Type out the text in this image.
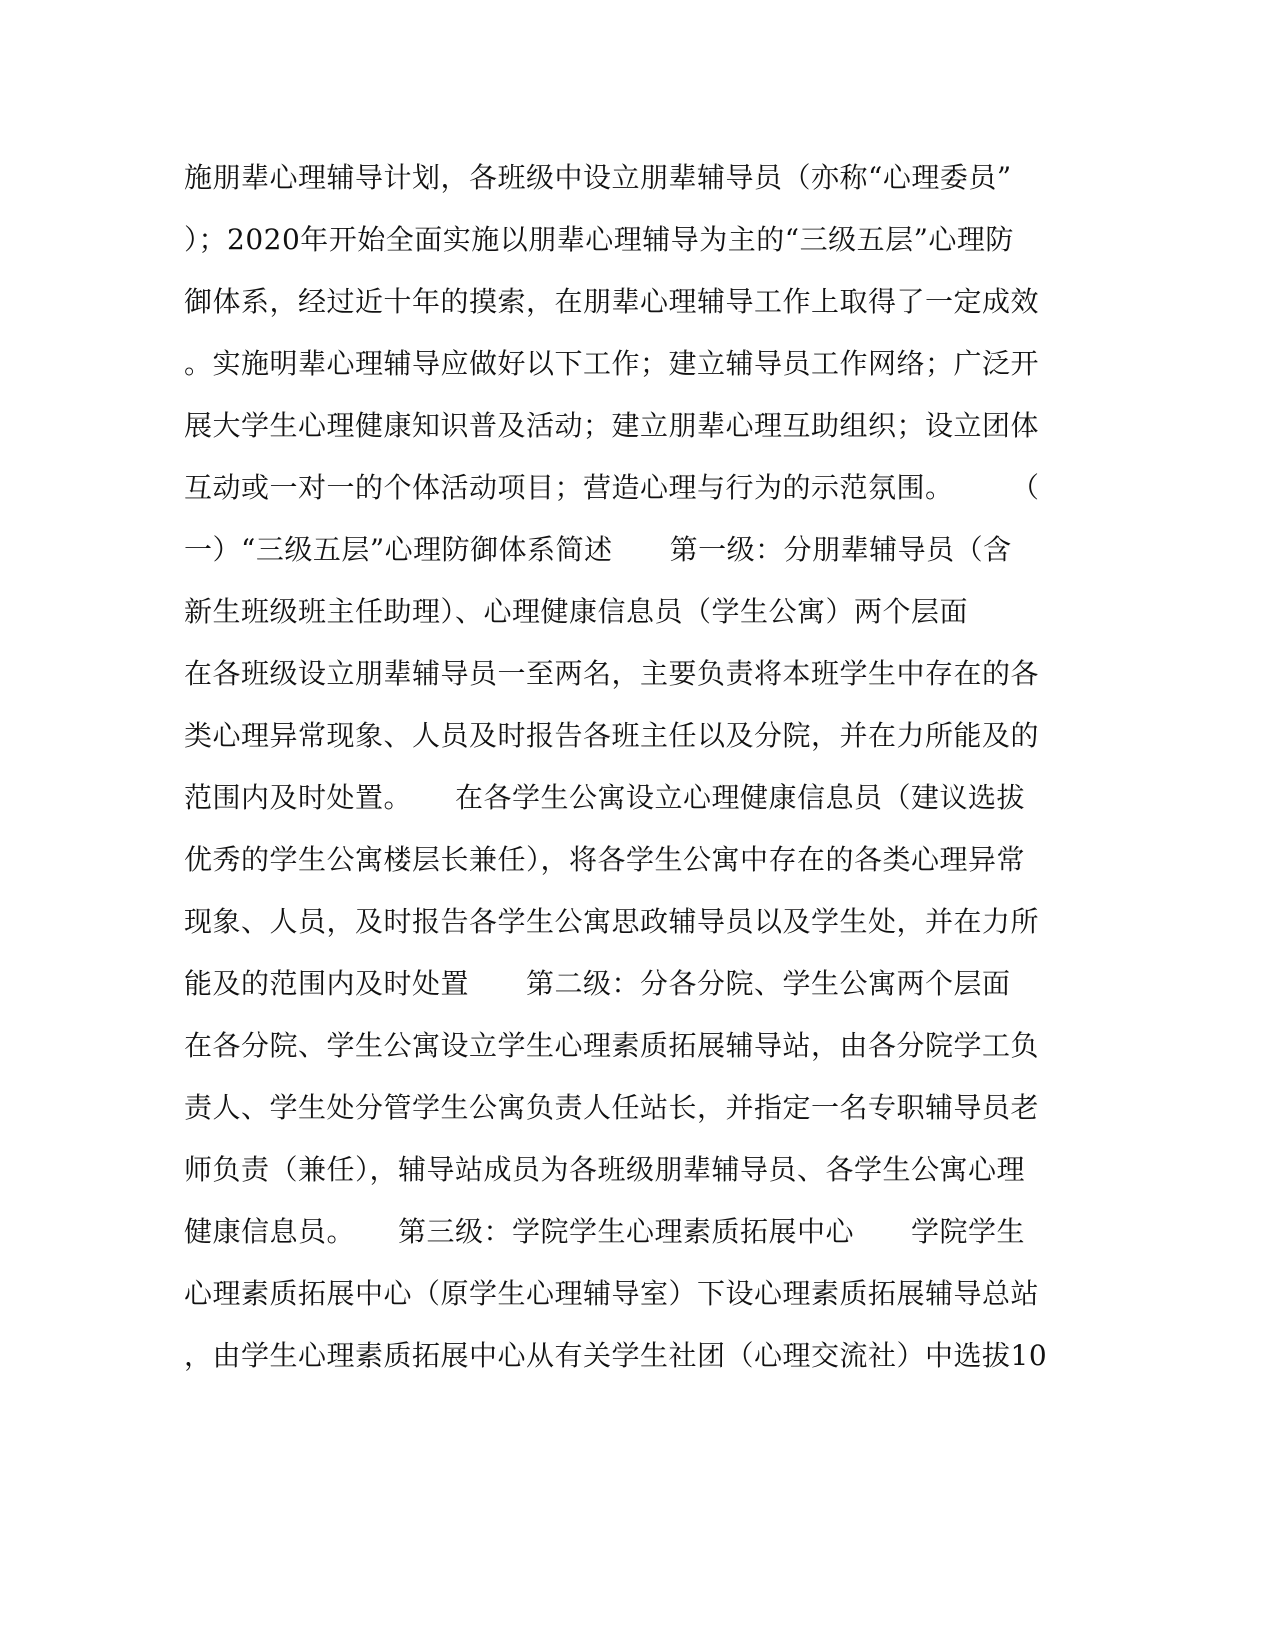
施朋辈心理辅导计划，各班级中设立朋辈辅导员（亦称“心理委员”
）；2020年开始全面实施以朋辈心理辅导为主的“三级五层”心理防
御体系，经过近十年的摸索，在朋辈心理辅导工作上取得了一定成效
。实施明辈心理辅导应做好以下工作；建立辅导员工作网络；广泛开
展大学生心理健康知识普及活动；建立朋辈心理互助组织；设立团体
互动或一对一的个体活动项目；营造心理与行为的示范氛围。　　　（
一）“三级五层”心理防御体系简述　　第一级：分朋辈辅导员（含
新生班级班主任助理）、心理健康信息员（学生公寓）两个层面
在各班级设立朋辈辅导员一至两名，主要负责将本班学生中存在的各
类心理异常现象、人员及时报告各班主任以及分院，并在力所能及的
范围内及时处置。　　在各学生公寓设立心理健康信息员（建议选拔
优秀的学生公寓楼层长兼任），将各学生公寓中存在的各类心理异常
现象、人员，及时报告各学生公寓思政辅导员以及学生处，并在力所
能及的范围内及时处置　　第二级：分各分院、学生公寓两个层面
在各分院、学生公寓设立学生心理素质拓展辅导站，由各分院学工负
责人、学生处分管学生公寓负责人任站长，并指定一名专职辅导员老
师负责（兼任），辅导站成员为各班级朋辈辅导员、各学生公寓心理
健康信息员。　　第三级：学院学生心理素质拓展中心　　学院学生
心理素质拓展中心（原学生心理辅导室）下设心理素质拓展辅导总站
，由学生心理素质拓展中心从有关学生社团（心理交流社）中选拔10
